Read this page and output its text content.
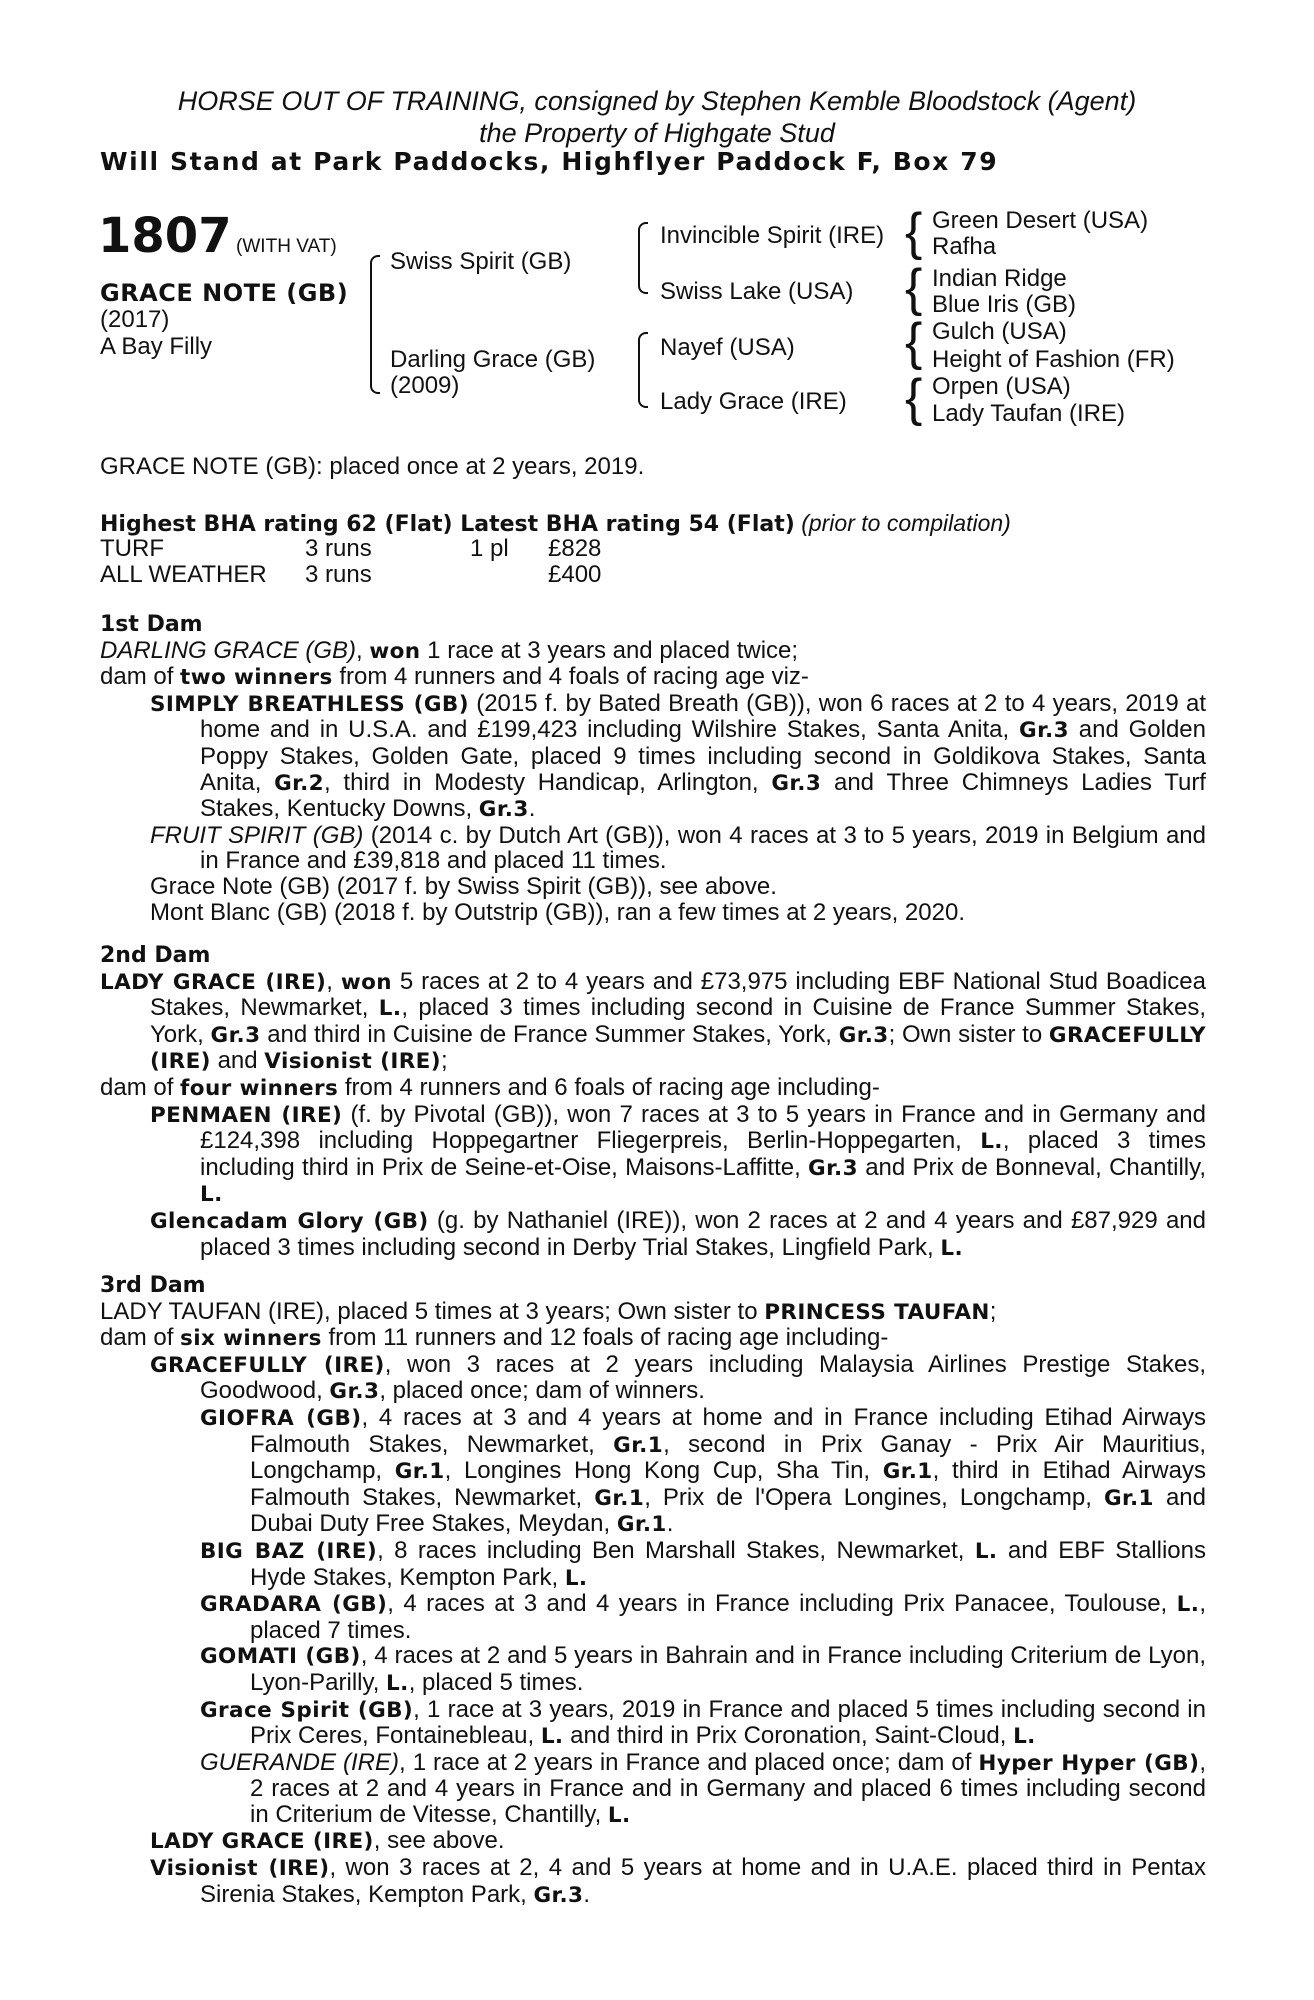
HORSE OUT OF TRAINING, consigned by Stephen Kemble Bloodstock (Agent)
the Property of Highgate Stud
Will Stand at Park Paddocks, Highflyer Paddock F, Box 79
1807 (WITH VAT)
GRACE NOTE (GB)
(2017)
A Bay Filly
Swiss Spirit (GB)
Darling Grace (GB)
(2009)
Invincible Spirit (IRE)
Swiss Lake (USA)
Nayef (USA)
Lady Grace (IRE)
{
{
{
{
Green Desert (USA)
Rafha
Indian Ridge
Blue Iris (GB)
Gulch (USA)
Height of Fashion (FR)
Orpen (USA)
Lady Taufan (IRE)
GRACE NOTE (GB): placed once at 2 years, 2019.
Highest BHA rating 62 (Flat) Latest BHA rating 54 (Flat) (prior to compilation)
TURF	3 runs	1 pl £828
ALL WEATHER 3 runs	£400
1st Dam
DARLING GRACE (GB), won 1 race at 3 years and placed twice;
dam of two winners from 4 runners and 4 foals of racing age viz-
SIMPLY BREATHLESS (GB) (2015 f. by Bated Breath (GB)), won 6 races at 2 to 4 years, 2019 at home and in U.S.A. and £199,423 including Wilshire Stakes, Santa Anita, Gr.3 and Golden Poppy Stakes, Golden Gate, placed 9 times including second in Goldikova Stakes, Santa Anita, Gr.2, third in Modesty Handicap, Arlington, Gr.3 and Three Chimneys Ladies Turf Stakes, Kentucky Downs, Gr.3.
FRUIT SPIRIT (GB) (2014 c. by Dutch Art (GB)), won 4 races at 3 to 5 years, 2019 in Belgium and in France and £39,818 and placed 11 times.
Grace Note (GB) (2017 f. by Swiss Spirit (GB)), see above.
Mont Blanc (GB) (2018 f. by Outstrip (GB)), ran a few times at 2 years, 2020.
2nd Dam
LADY GRACE (IRE), won 5 races at 2 to 4 years and £73,975 including EBF National Stud Boadicea Stakes, Newmarket, L., placed 3 times including second in Cuisine de France Summer Stakes, York, Gr.3 and third in Cuisine de France Summer Stakes, York, Gr.3; Own sister to GRACEFULLY (IRE) and Visionist (IRE);
dam of four winners from 4 runners and 6 foals of racing age including-
PENMAEN (IRE) (f. by Pivotal (GB)), won 7 races at 3 to 5 years in France and in Germany and £124,398 including Hoppegartner Fliegerpreis, Berlin-Hoppegarten, L., placed 3 times including third in Prix de Seine-et-Oise, Maisons-Laffitte, Gr.3 and Prix de Bonneval, Chantilly, L.
Glencadam Glory (GB) (g. by Nathaniel (IRE)), won 2 races at 2 and 4 years and £87,929 and placed 3 times including second in Derby Trial Stakes, Lingfield Park, L.
3rd Dam
LADY TAUFAN (IRE), placed 5 times at 3 years; Own sister to PRINCESS TAUFAN;
dam of six winners from 11 runners and 12 foals of racing age including-
GRACEFULLY (IRE), won 3 races at 2 years including Malaysia Airlines Prestige Stakes, Goodwood, Gr.3, placed once; dam of winners.
GIOFRA (GB), 4 races at 3 and 4 years at home and in France including Etihad Airways Falmouth Stakes, Newmarket, Gr.1, second in Prix Ganay - Prix Air Mauritius, Longchamp, Gr.1, Longines Hong Kong Cup, Sha Tin, Gr.1, third in Etihad Airways Falmouth Stakes, Newmarket, Gr.1, Prix de l'Opera Longines, Longchamp, Gr.1 and Dubai Duty Free Stakes, Meydan, Gr.1.
BIG BAZ (IRE), 8 races including Ben Marshall Stakes, Newmarket, L. and EBF Stallions Hyde Stakes, Kempton Park, L.
GRADARA (GB), 4 races at 3 and 4 years in France including Prix Panacee, Toulouse, L., placed 7 times.
GOMATI (GB), 4 races at 2 and 5 years in Bahrain and in France including Criterium de Lyon, Lyon-Parilly, L., placed 5 times.
Grace Spirit (GB), 1 race at 3 years, 2019 in France and placed 5 times including second in Prix Ceres, Fontainebleau, L. and third in Prix Coronation, Saint-Cloud, L.
GUERANDE (IRE), 1 race at 2 years in France and placed once; dam of Hyper Hyper (GB), 2 races at 2 and 4 years in France and in Germany and placed 6 times including second in Criterium de Vitesse, Chantilly, L.
LADY GRACE (IRE), see above.
Visionist (IRE), won 3 races at 2, 4 and 5 years at home and in U.A.E. placed third in Pentax Sirenia Stakes, Kempton Park, Gr.3.
